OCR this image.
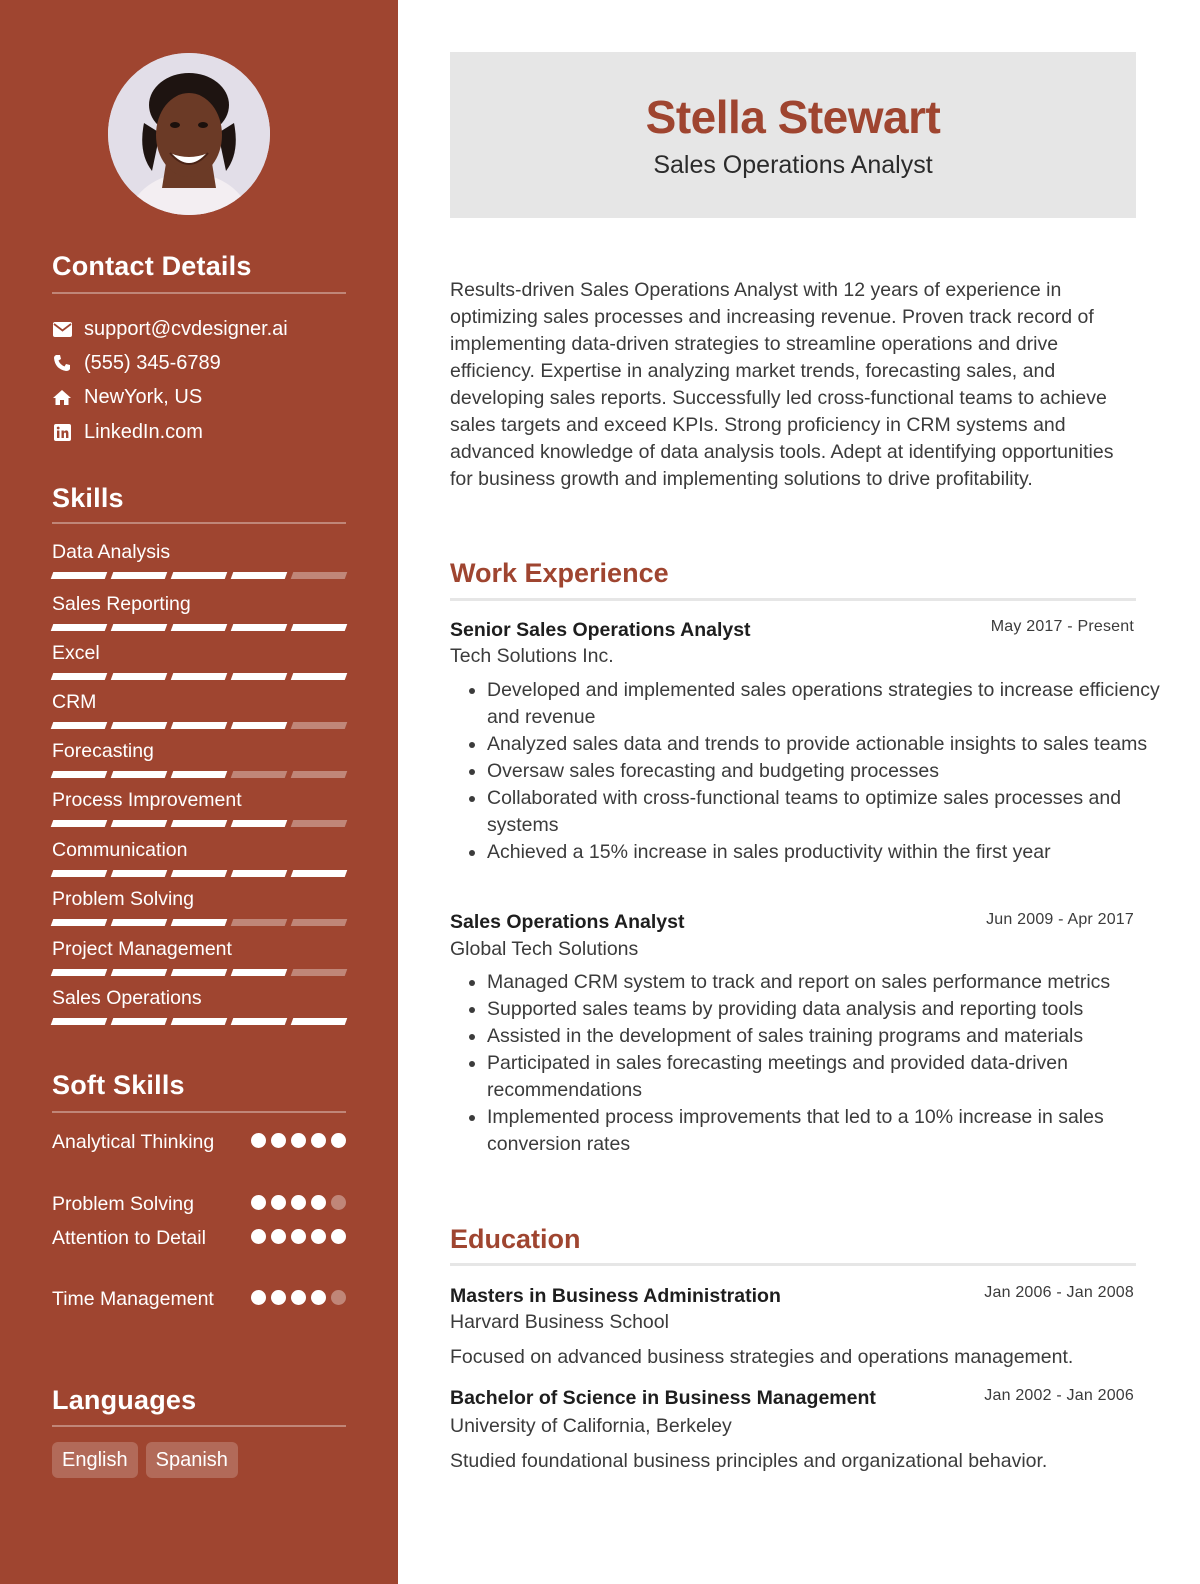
Contact Details
support@cvdesigner.ai
(555) 345-6789
NewYork, US
LinkedIn.com
Skills
Data Analysis
Sales Reporting
Excel
CRM
Forecasting
Process Improvement
Communication
Problem Solving
Project Management
Sales Operations
Soft Skills
Analytical Thinking
Problem Solving
Attention to Detail
Time Management
Languages
English	Spanish
Stella Stewart
Sales Operations Analyst
Results-driven Sales Operations Analyst with 12 years of experience in optimizing sales processes and increasing revenue. Proven track record of implementing data-driven strategies to streamline operations and drive efficiency. Expertise in analyzing market trends, forecasting sales, and developing sales reports. Successfully led cross-functional teams to achieve sales targets and exceed KPIs. Strong proficiency in CRM systems and advanced knowledge of data analysis tools. Adept at identifying opportunities for business growth and implementing solutions to drive profitability.
Work Experience
Senior Sales Operations Analyst	May 2017 - Present
Tech Solutions Inc.
• Developed and implemented sales operations strategies to increase efficiency and revenue
• Analyzed sales data and trends to provide actionable insights to sales teams
• Oversaw sales forecasting and budgeting processes
• Collaborated with cross-functional teams to optimize sales processes and systems
• Achieved a 15% increase in sales productivity within the first year
Sales Operations Analyst	Jun 2009 - Apr 2017
Global Tech Solutions
• Managed CRM system to track and report on sales performance metrics
• Supported sales teams by providing data analysis and reporting tools
• Assisted in the development of sales training programs and materials
• Participated in sales forecasting meetings and provided data-driven recommendations
• Implemented process improvements that led to a 10% increase in sales conversion rates
Education
Masters in Business Administration	Jan 2006 - Jan 2008
Harvard Business School
Focused on advanced business strategies and operations management.
Bachelor of Science in Business Management	Jan 2002 - Jan 2006
University of California, Berkeley
Studied foundational business principles and organizational behavior.
